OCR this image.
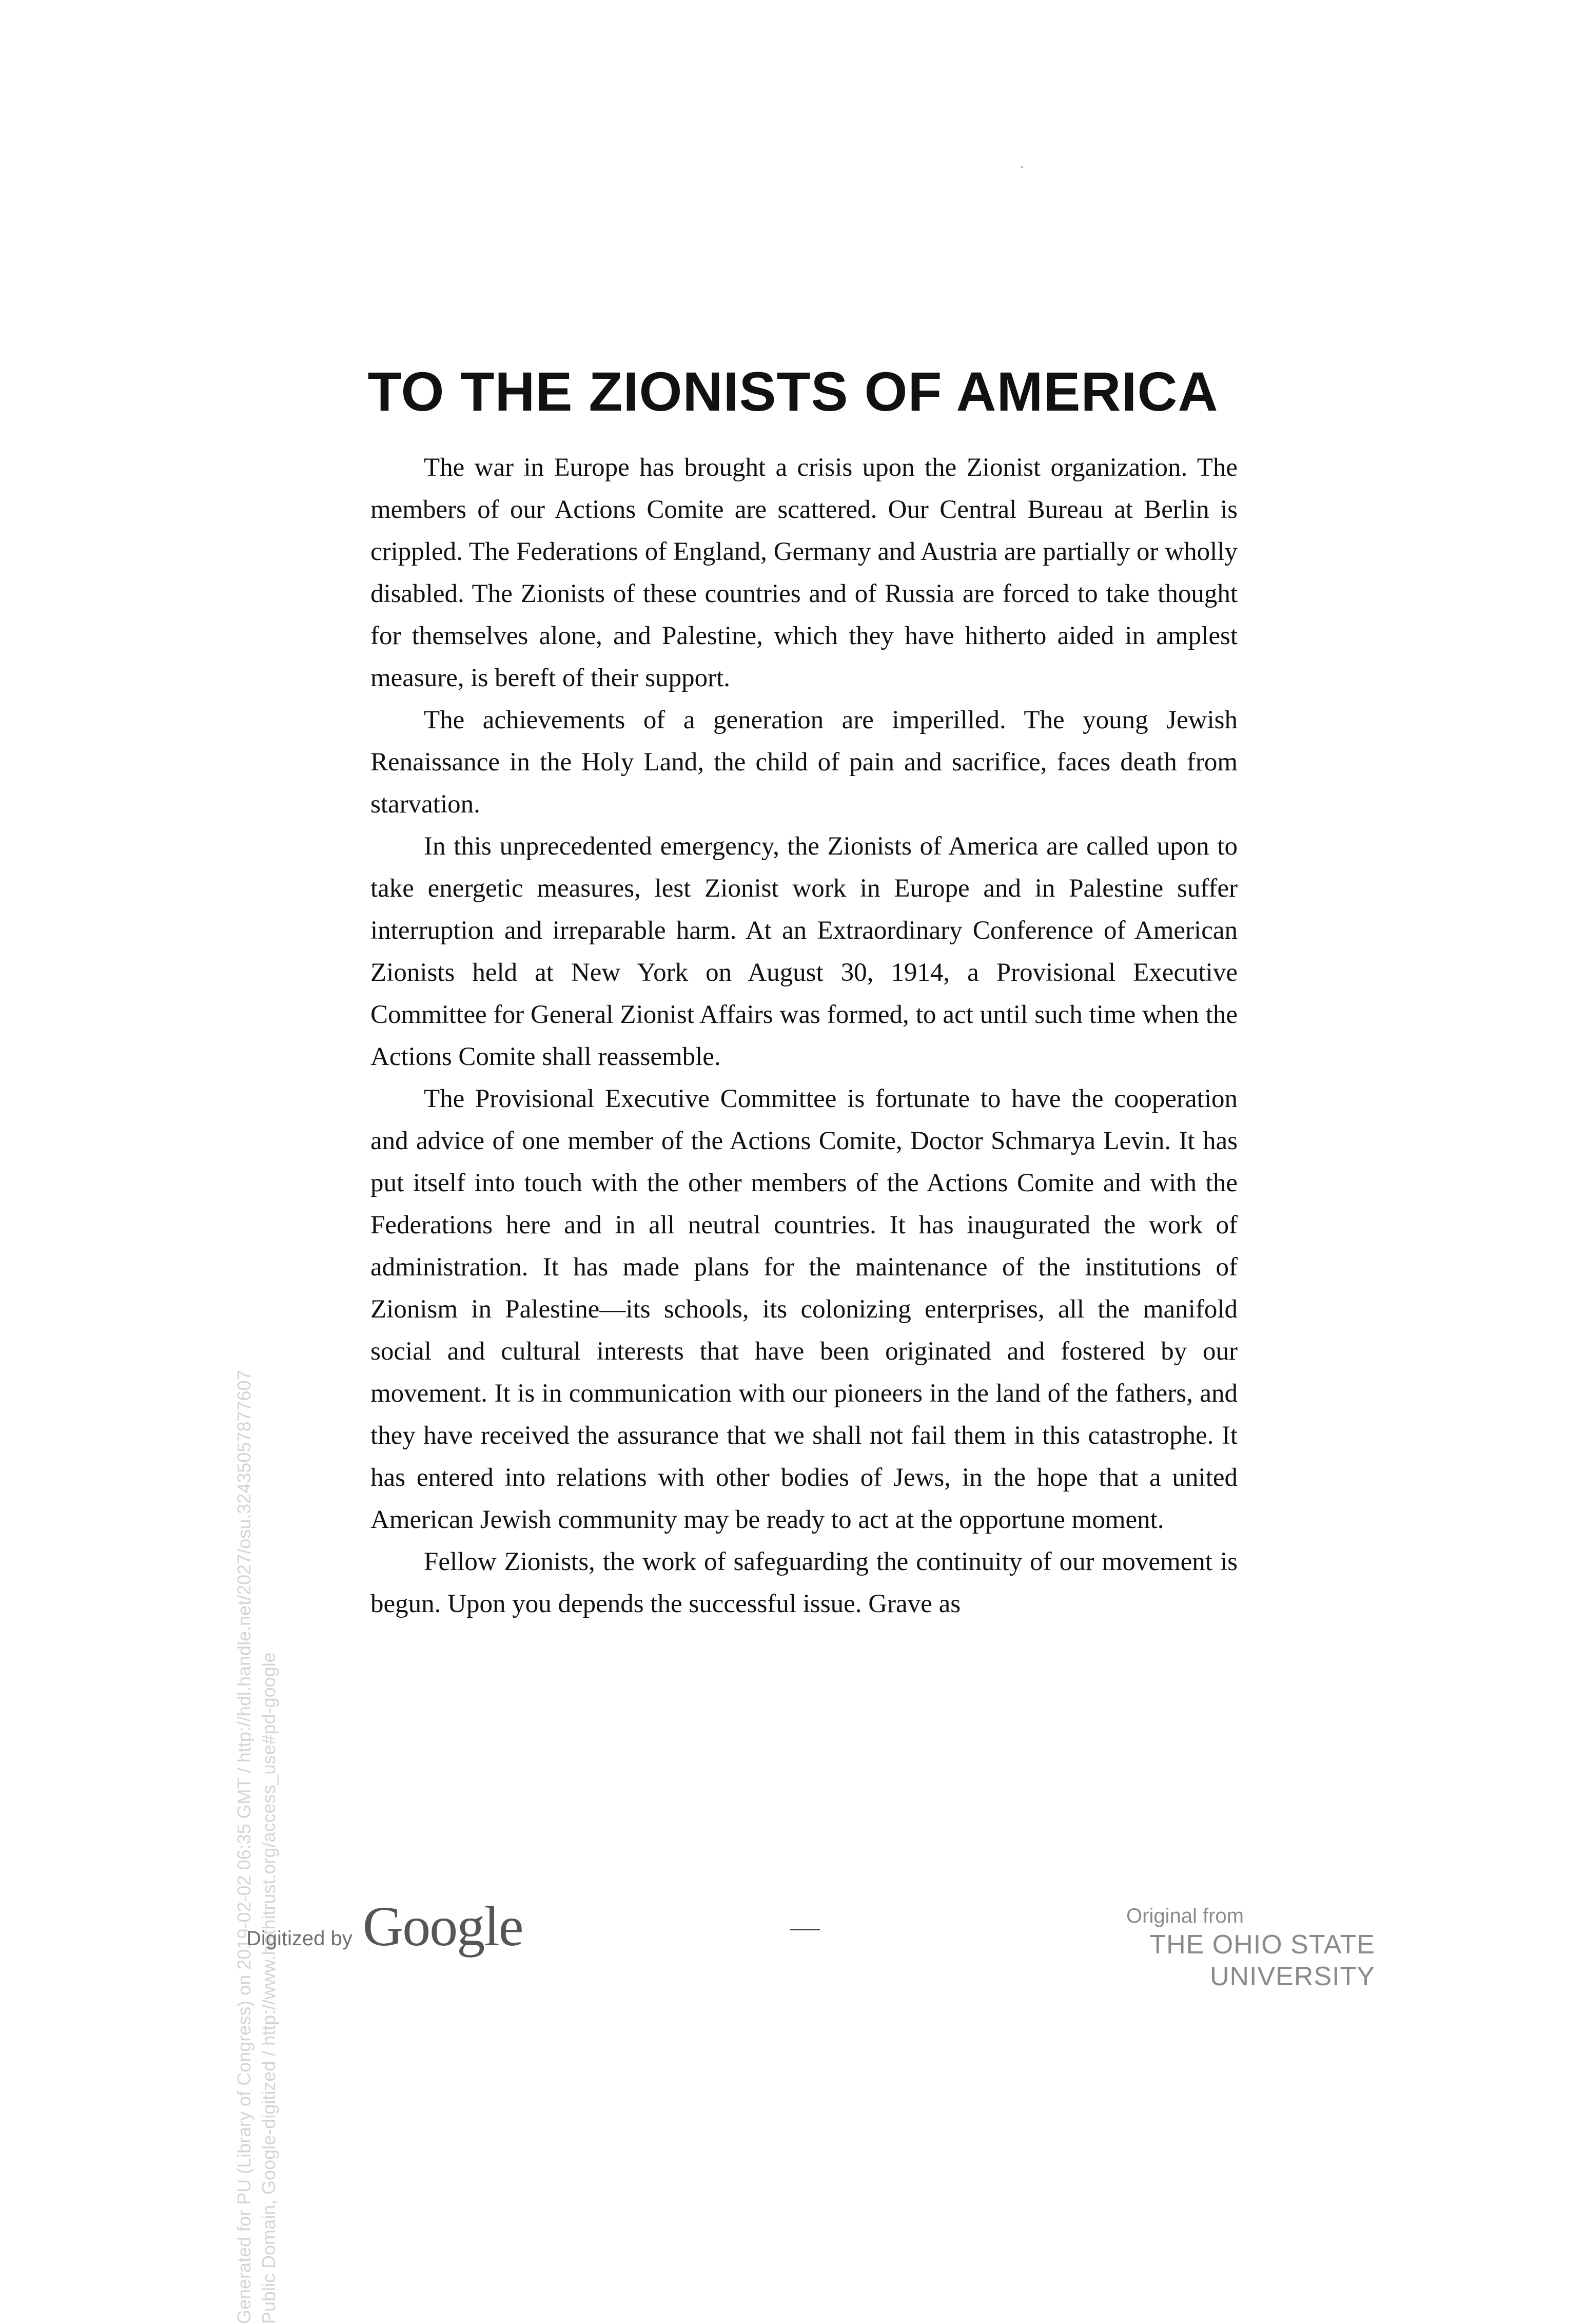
TO THE ZIONISTS OF AMERICA

The war in Europe has brought a crisis upon the Zionist organization. The members of our Actions Comite are scattered. Our Central Bureau at Berlin is crippled. The Federations of England, Germany and Austria are partially or wholly disabled. The Zionists of these countries and of Russia are forced to take thought for themselves alone, and Palestine, which they have hitherto aided in amplest measure, is bereft of their support.

The achievements of a generation are imperilled. The young Jewish Renaissance in the Holy Land, the child of pain and sacrifice, faces death from starvation.

In this unprecedented emergency, the Zionists of America are called upon to take energetic measures, lest Zionist work in Europe and in Palestine suffer interruption and irreparable harm. At an Extraordinary Conference of American Zionists held at New York on August 30, 1914, a Provisional Executive Committee for General Zionist Affairs was formed, to act until such time when the Actions Comite shall reassemble.

The Provisional Executive Committee is fortunate to have the cooperation and advice of one member of the Actions Comite, Doctor Schmarya Levin. It has put itself into touch with the other members of the Actions Comite and with the Federations here and in all neutral countries. It has inaugurated the work of administration. It has made plans for the maintenance of the institutions of Zionism in Palestine—its schools, its colonizing enterprises, all the manifold social and cultural interests that have been originated and fostered by our movement. It is in communication with our pioneers in the land of the fathers, and they have received the assurance that we shall not fail them in this catastrophe. It has entered into relations with other bodies of Jews, in the hope that a united American Jewish community may be ready to act at the opportune moment.

Fellow Zionists, the work of safeguarding the continuity of our movement is begun. Upon you depends the successful issue. Grave as

Generated for PU (Library of Congress) on 2019-02-02 06:35 GMT / http://hdl.handle.net/2027/osu.32435057877607 Public Domain, Google-digitized / http://www.hathitrust.org/access_use#pd-google
Digitized by Google	Original from
THE OHIO STATE UNIVERSITY
